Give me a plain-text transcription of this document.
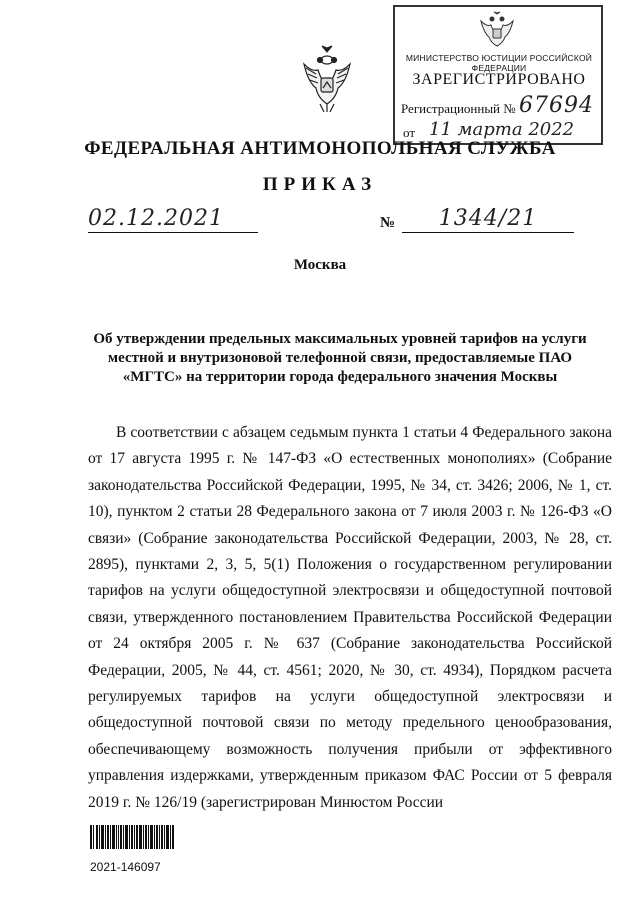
МИНИСТЕРСТВО ЮСТИЦИИ РОССИЙСКОЙ ФЕДЕРАЦИИ
ЗАРЕГИСТРИРОВАНО
Регистрационный № 67694
от 11 марта 2022
ФЕДЕРАЛЬНАЯ АНТИМОНОПОЛЬНАЯ СЛУЖБА
ПРИКАЗ
02.12.2021	№	1344/21
Москва
Об утверждении предельных максимальных уровней тарифов на услуги местной и внутризоновой телефонной связи, предоставляемые ПАО «МГТС» на территории города федерального значения Москвы

В соответствии с абзацем седьмым пункта 1 статьи 4 Федерального закона от 17 августа 1995 г. № 147-ФЗ «О естественных монополиях» (Собрание законодательства Российской Федерации, 1995, № 34, ст. 3426; 2006, № 1, ст. 10), пунктом 2 статьи 28 Федерального закона от 7 июля 2003 г. № 126-ФЗ «О связи» (Собрание законодательства Российской Федерации, 2003, № 28, ст. 2895), пунктами 2, 3, 5, 5(1) Положения о государственном регулировании тарифов на услуги общедоступной электросвязи и общедоступной почтовой связи, утвержденного постановлением Правительства Российской Федерации от 24 октября 2005 г. № 637 (Собрание законодательства Российской Федерации, 2005, № 44, ст. 4561; 2020, № 30, ст. 4934), Порядком расчета регулируемых тарифов на услуги общедоступной электросвязи и общедоступной почтовой связи по методу предельного ценообразования, обеспечивающему возможность получения прибыли от эффективного управления издержками, утвержденным приказом ФАС России от 5 февраля 2019 г. № 126/19 (зарегистрирован Минюстом России

2021-146097
